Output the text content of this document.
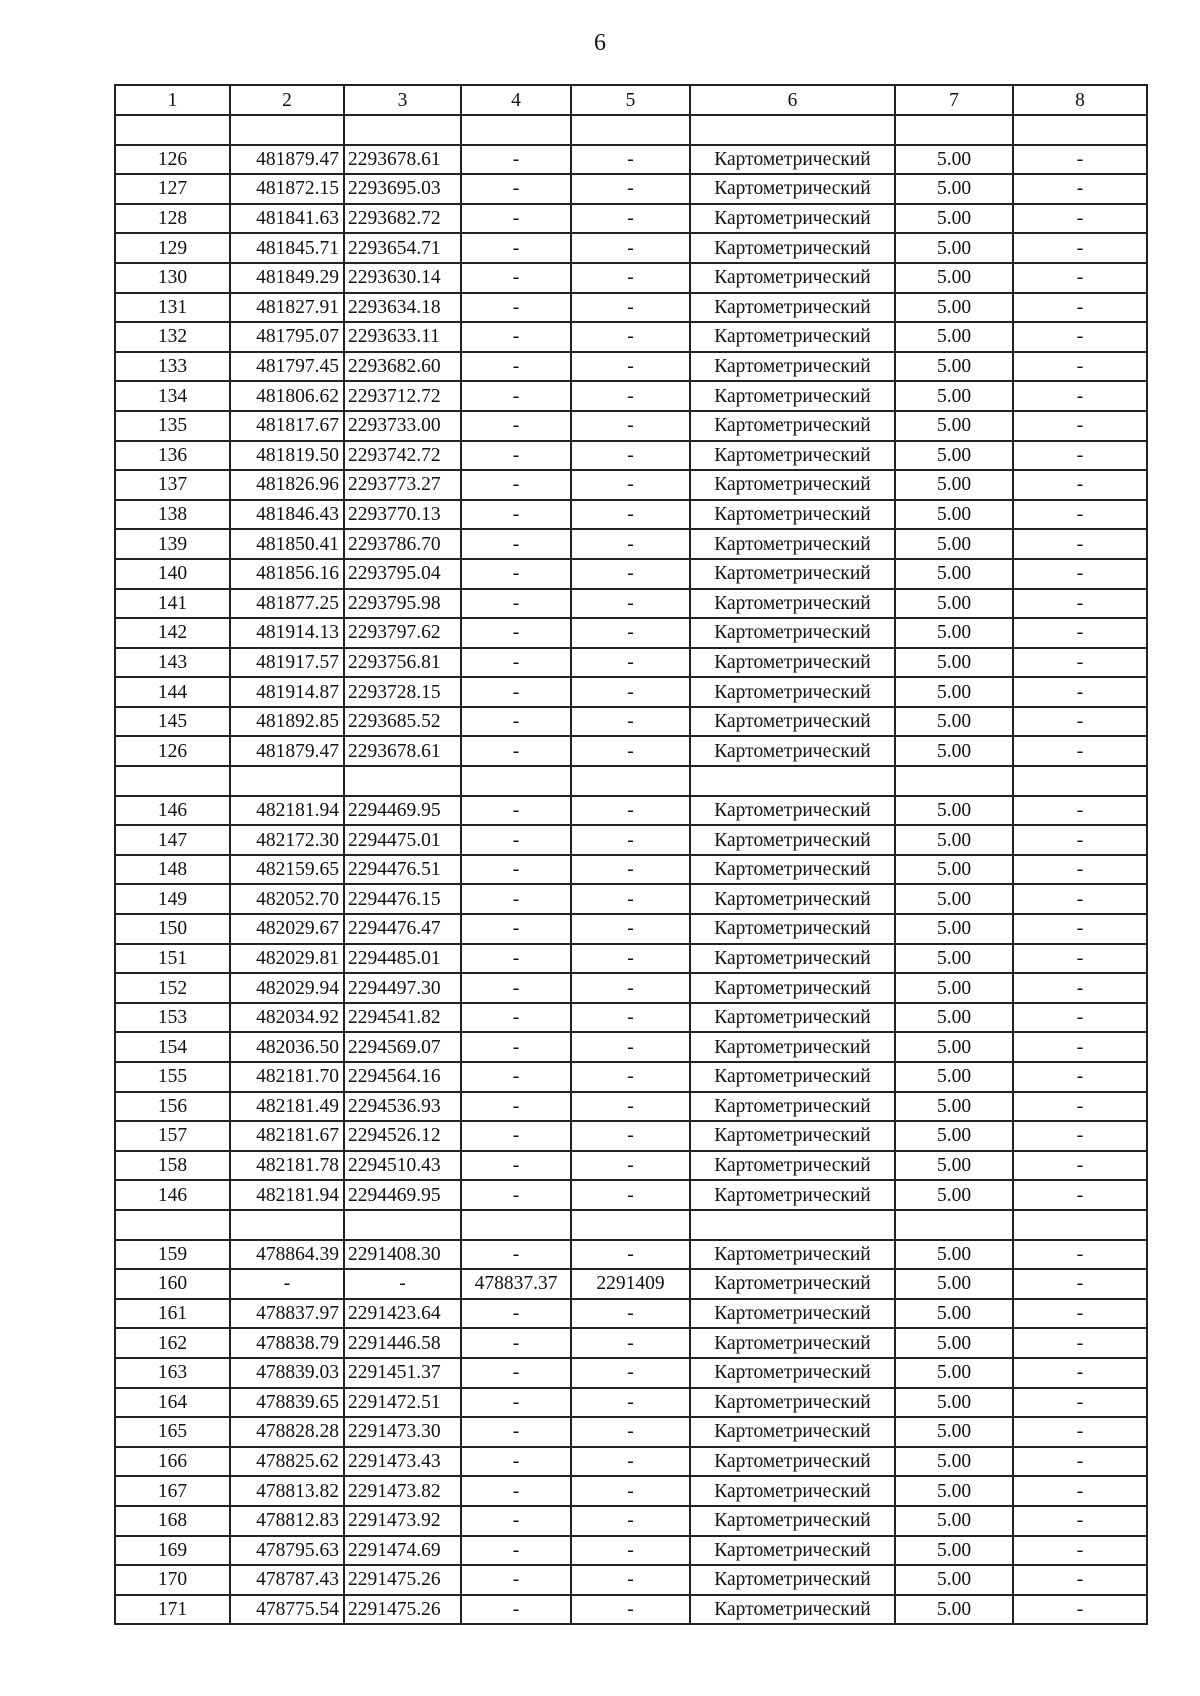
6
1	2	3	4	5	6	7	8

126	481879.47	2293678.61	-	-	Картометрический	5.00	-
127	481872.15	2293695.03	-	-	Картометрический	5.00	-
128	481841.63	2293682.72	-	-	Картометрический	5.00	-
129	481845.71	2293654.71	-	-	Картометрический	5.00	-
130	481849.29	2293630.14	-	-	Картометрический	5.00	-
131	481827.91	2293634.18	-	-	Картометрический	5.00	-
132	481795.07	2293633.11	-	-	Картометрический	5.00	-
133	481797.45	2293682.60	-	-	Картометрический	5.00	-
134	481806.62	2293712.72	-	-	Картометрический	5.00	-
135	481817.67	2293733.00	-	-	Картометрический	5.00	-
136	481819.50	2293742.72	-	-	Картометрический	5.00	-
137	481826.96	2293773.27	-	-	Картометрический	5.00	-
138	481846.43	2293770.13	-	-	Картометрический	5.00	-
139	481850.41	2293786.70	-	-	Картометрический	5.00	-
140	481856.16	2293795.04	-	-	Картометрический	5.00	-
141	481877.25	2293795.98	-	-	Картометрический	5.00	-
142	481914.13	2293797.62	-	-	Картометрический	5.00	-
143	481917.57	2293756.81	-	-	Картометрический	5.00	-
144	481914.87	2293728.15	-	-	Картометрический	5.00	-
145	481892.85	2293685.52	-	-	Картометрический	5.00	-
126	481879.47	2293678.61	-	-	Картометрический	5.00	-

146	482181.94	2294469.95	-	-	Картометрический	5.00	-
147	482172.30	2294475.01	-	-	Картометрический	5.00	-
148	482159.65	2294476.51	-	-	Картометрический	5.00	-
149	482052.70	2294476.15	-	-	Картометрический	5.00	-
150	482029.67	2294476.47	-	-	Картометрический	5.00	-
151	482029.81	2294485.01	-	-	Картометрический	5.00	-
152	482029.94	2294497.30	-	-	Картометрический	5.00	-
153	482034.92	2294541.82	-	-	Картометрический	5.00	-
154	482036.50	2294569.07	-	-	Картометрический	5.00	-
155	482181.70	2294564.16	-	-	Картометрический	5.00	-
156	482181.49	2294536.93	-	-	Картометрический	5.00	-
157	482181.67	2294526.12	-	-	Картометрический	5.00	-
158	482181.78	2294510.43	-	-	Картометрический	5.00	-
146	482181.94	2294469.95	-	-	Картометрический	5.00	-

159	478864.39	2291408.30	-	-	Картометрический	5.00	-
160	-	-	478837.37	2291409	Картометрический	5.00	-
161	478837.97	2291423.64	-	-	Картометрический	5.00	-
162	478838.79	2291446.58	-	-	Картометрический	5.00	-
163	478839.03	2291451.37	-	-	Картометрический	5.00	-
164	478839.65	2291472.51	-	-	Картометрический	5.00	-
165	478828.28	2291473.30	-	-	Картометрический	5.00	-
166	478825.62	2291473.43	-	-	Картометрический	5.00	-
167	478813.82	2291473.82	-	-	Картометрический	5.00	-
168	478812.83	2291473.92	-	-	Картометрический	5.00	-
169	478795.63	2291474.69	-	-	Картометрический	5.00	-
170	478787.43	2291475.26	-	-	Картометрический	5.00	-
171	478775.54	2291475.26	-	-	Картометрический	5.00	-
